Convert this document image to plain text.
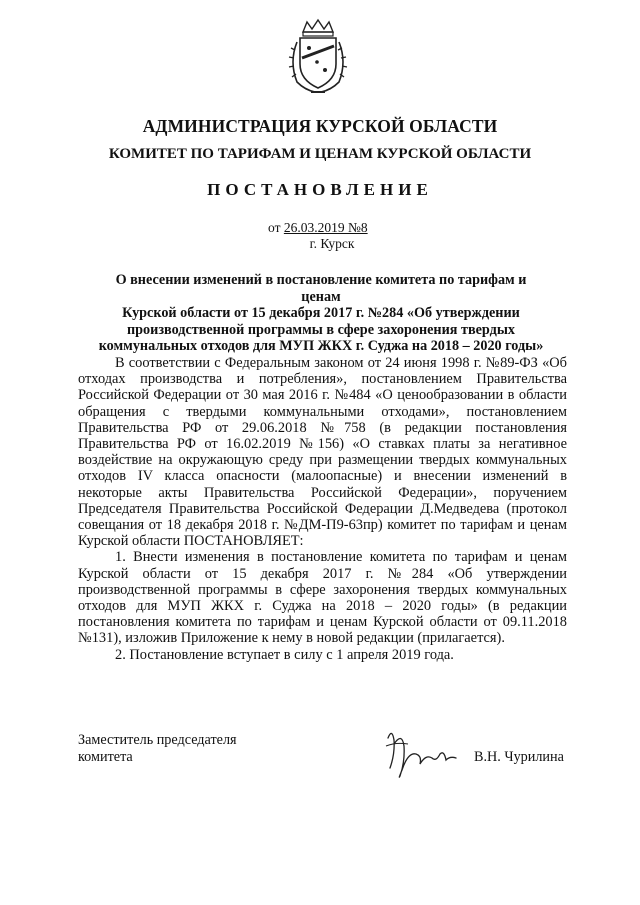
АДМИНИСТРАЦИЯ КУРСКОЙ ОБЛАСТИ
КОМИТЕТ ПО ТАРИФАМ И ЦЕНАМ КУРСКОЙ ОБЛАСТИ
ПОСТАНОВЛЕНИЕ
от 26.03.2019 №8
г. Курск
О внесении изменений в постановление комитета по тарифам и ценам
Курской области от 15 декабря 2017 г. №284 «Об утверждении
производственной программы в сфере захоронения твердых
коммунальных отходов для МУП ЖКХ г. Суджа на 2018 – 2020 годы»

В соответствии с Федеральным законом от 24 июня 1998 г. №89-ФЗ «Об отходах производства и потребления», постановлением Правительства Российской Федерации от 30 мая 2016 г. №484 «О ценообразовании в области обращения с твердыми коммунальными отходами», постановлением Правительства РФ от 29.06.2018 №758 (в редакции постановления Правительства РФ от 16.02.2019 №156) «О ставках платы за негативное воздействие на окружающую среду при размещении твердых коммунальных отходов IV класса опасности (малоопасные) и внесении изменений в некоторые акты Правительства Российской Федерации», поручением Председателя Правительства Российской Федерации Д.Медведева (протокол совещания от 18 декабря 2018 г. №ДМ-П9-63пр) комитет по тарифам и ценам Курской области ПОСТАНОВЛЯЕТ:

1. Внести изменения в постановление комитета по тарифам и ценам Курской области от 15 декабря 2017 г. №284 «Об утверждении производственной программы в сфере захоронения твердых коммунальных отходов для МУП ЖКХ г. Суджа на 2018 – 2020 годы» (в редакции постановления комитета по тарифам и ценам Курской области от 09.11.2018 №131), изложив Приложение к нему в новой редакции (прилагается).

2. Постановление вступает в силу с 1 апреля 2019 года.

Заместитель председателя
комитета	В.Н. Чурилина
